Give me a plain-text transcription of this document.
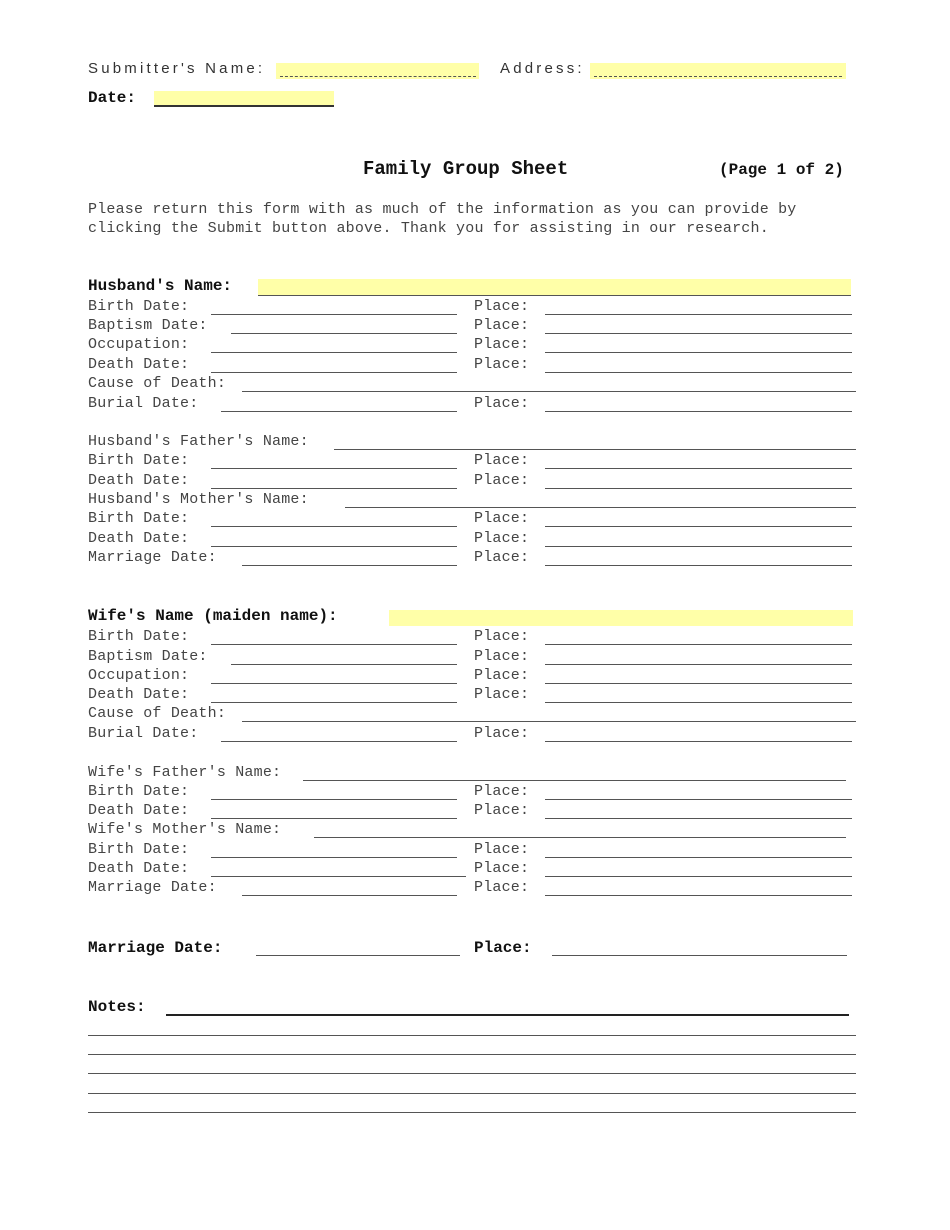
Submitter's Name:	Address:
Date:
Family Group Sheet	(Page 1 of 2)
Please return this form with as much of the information as you can provide by
clicking the Submit button above. Thank you for assisting in our research.
Husband's Name:
Birth Date:	Place:
Baptism Date:	Place:
Occupation:	Place:
Death Date:	Place:
Cause of Death:
Burial Date:	Place:
Husband's Father's Name:
Birth Date:	Place:
Death Date:	Place:
Husband's Mother's Name:
Birth Date:	Place:
Death Date:	Place:
Marriage Date:	Place:
Wife's Name (maiden name):
Birth Date:	Place:
Baptism Date:	Place:
Occupation:	Place:
Death Date:	Place:
Cause of Death:
Burial Date:	Place:
Wife's Father's Name:
Birth Date:	Place:
Death Date:	Place:
Wife's Mother's Name:
Birth Date:	Place:
Death Date:	Place:
Marriage Date:	Place:
Marriage Date:	Place:
Notes:
